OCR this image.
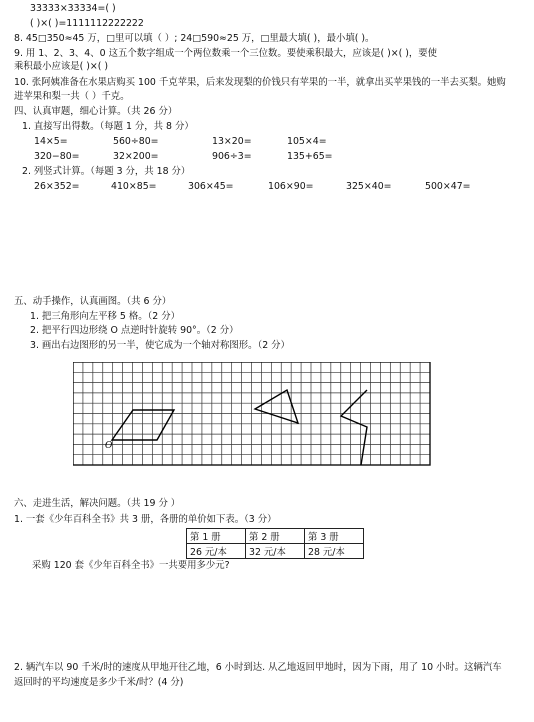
33333×33334=( )
( )×( )=1111112222222
8. 45□350≈45 万，□里可以填（ ）; 24□590≈25 万，□里最大填( )，最小填( )。
9. 用 1、2、3、4、0 这五个数字组成一个两位数乘一个三位数。要使乘积最大，应该是( )×( )，要使
乘积最小应该是( )×( )
10. 张阿姨准备在水果店购买 100 千克苹果，后来发现梨的价钱只有苹果的一半，就拿出买苹果钱的一半去买梨。她购
进苹果和梨一共（ ）千克。
四、认真审题，细心计算。（共 26 分）
1. 直接写出得数。（每题 1 分，共 8 分）
14×5=	560÷80=	13×20=	105×4=
320−80=	32×200=	906÷3=	135+65=
2. 列竖式计算。（每题 3 分，共 18 分）
26×352=	410×85=	306×45=	106×90=	325×40=	500×47=
五、动手操作，认真画图。（共 6 分）
1. 把三角形向左平移 5 格。（2 分）
2. 把平行四边形绕 O 点逆时针旋转 90°。（2 分）
3. 画出右边图形的另一半，使它成为一个轴对称图形。（2 分）
O
六、走进生活，解决问题。（共 19 分 ）
1. 一套《少年百科全书》共 3 册，各册的单价如下表。（3 分）
第 1 册	第 2 册	第 3 册
26 元/本	32 元/本	28 元/本
采购 120 套《少年百科全书》一共要用多少元?
2. 辆汽车以 90 千米/时的速度从甲地开往乙地，6 小时到达. 从乙地返回甲地时，因为下雨，用了 10 小时。这辆汽车
返回时的平均速度是多少千米/时？(4 分)
